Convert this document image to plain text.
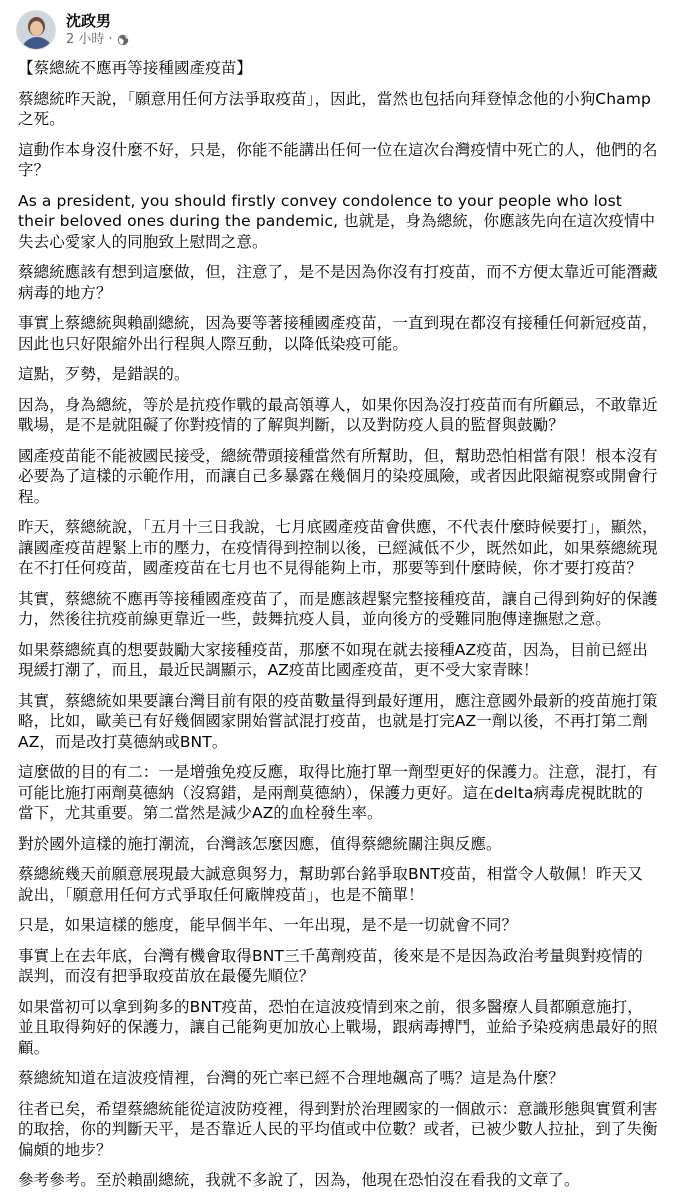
沈政男
2 小時 ·

【蔡總統不應再等接種國產疫苗】

蔡總統昨天說，「願意用任何方法爭取疫苗」，因此，當然也包括向拜登悼念他的小狗Champ之死。

這動作本身沒什麼不好，只是，你能不能講出任何一位在這次台灣疫情中死亡的人，他們的名字？

As a president, you should firstly convey condolence to your people who lost their beloved ones during the pandemic, 也就是，身為總統，你應該先向在這次疫情中失去心愛家人的同胞致上慰問之意。

蔡總統應該有想到這麼做，但，注意了，是不是因為你沒有打疫苗，而不方便太靠近可能潛藏病毒的地方？

事實上蔡總統與賴副總統，因為要等著接種國產疫苗，一直到現在都沒有接種任何新冠疫苗，因此也只好限縮外出行程與人際互動，以降低染疫可能。

這點，歹勢，是錯誤的。

因為，身為總統，等於是抗疫作戰的最高領導人，如果你因為沒打疫苗而有所顧忌，不敢靠近戰場，是不是就阻礙了你對疫情的了解與判斷，以及對防疫人員的監督與鼓勵？

國產疫苗能不能被國民接受，總統帶頭接種當然有所幫助，但，幫助恐怕相當有限！根本沒有必要為了這樣的示範作用，而讓自己多暴露在幾個月的染疫風險，或者因此限縮視察或開會行程。

昨天，蔡總統說，「五月十三日我說，七月底國產疫苗會供應，不代表什麼時候要打」，顯然，讓國產疫苗趕緊上市的壓力，在疫情得到控制以後，已經減低不少，既然如此，如果蔡總統現在不打任何疫苗，國產疫苗在七月也不見得能夠上市，那要等到什麼時候，你才要打疫苗？

其實，蔡總統不應再等接種國產疫苗了，而是應該趕緊完整接種疫苗，讓自己得到夠好的保護力，然後往抗疫前線更靠近一些，鼓舞抗疫人員，並向後方的受難同胞傳達撫慰之意。

如果蔡總統真的想要鼓勵大家接種疫苗，那麼不如現在就去接種AZ疫苗，因為，目前已經出現緩打潮了，而且，最近民調顯示，AZ疫苗比國產疫苗，更不受大家青睞！

其實，蔡總統如果要讓台灣目前有限的疫苗數量得到最好運用，應注意國外最新的疫苗施打策略，比如，歐美已有好幾個國家開始嘗試混打疫苗，也就是打完AZ一劑以後，不再打第二劑AZ，而是改打莫德納或BNT。

這麼做的目的有二：一是增強免疫反應，取得比施打單一劑型更好的保護力。注意，混打，有可能比施打兩劑莫德納（沒寫錯，是兩劑莫德納），保護力更好。這在delta病毒虎視眈眈的當下，尤其重要。第二當然是減少AZ的血栓發生率。

對於國外這樣的施打潮流，台灣該怎麼因應，值得蔡總統關注與反應。

蔡總統幾天前願意展現最大誠意與努力，幫助郭台銘爭取BNT疫苗，相當令人敬佩！昨天又說出，「願意用任何方式爭取任何廠牌疫苗」，也是不簡單！

只是，如果這樣的態度，能早個半年、一年出現，是不是一切就會不同？

事實上在去年底，台灣有機會取得BNT三千萬劑疫苗，後來是不是因為政治考量與對疫情的誤判，而沒有把爭取疫苗放在最優先順位？

如果當初可以拿到夠多的BNT疫苗，恐怕在這波疫情到來之前，很多醫療人員都願意施打，並且取得夠好的保護力，讓自己能夠更加放心上戰場，跟病毒搏鬥，並給予染疫病患最好的照顧。

蔡總統知道在這波疫情裡，台灣的死亡率已經不合理地飆高了嗎？這是為什麼？

往者已矣，希望蔡總統能從這波防疫裡，得到對於治理國家的一個啟示：意識形態與實質利害的取捨，你的判斷天平，是否靠近人民的平均值或中位數？或者，已被少數人拉扯，到了失衡偏頗的地步？

參考參考。至於賴副總統，我就不多說了，因為，他現在恐怕沒在看我的文章了。
